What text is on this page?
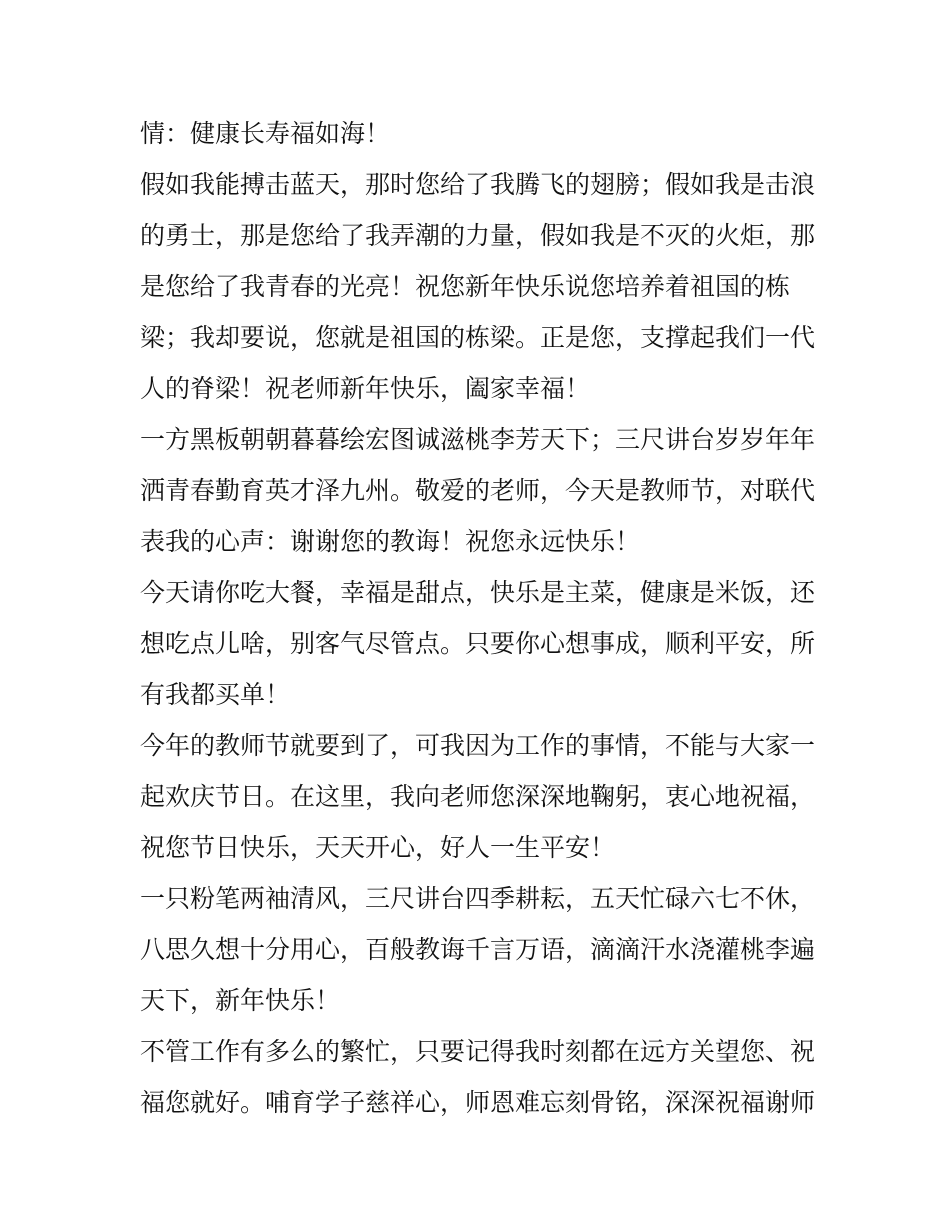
情：健康长寿福如海！
假如我能搏击蓝天，那时您给了我腾飞的翅膀；假如我是击浪
的勇士，那是您给了我弄潮的力量，假如我是不灭的火炬，那
是您给了我青春的光亮！祝您新年快乐说您培养着祖国的栋
梁；我却要说，您就是祖国的栋梁。正是您，支撑起我们一代
人的脊梁！祝老师新年快乐，阖家幸福！
一方黑板朝朝暮暮绘宏图诚滋桃李芳天下；三尺讲台岁岁年年
洒青春勤育英才泽九州。敬爱的老师，今天是教师节，对联代
表我的心声：谢谢您的教诲！祝您永远快乐！
今天请你吃大餐，幸福是甜点，快乐是主菜，健康是米饭，还
想吃点儿啥，别客气尽管点。只要你心想事成，顺利平安，所
有我都买单！
今年的教师节就要到了，可我因为工作的事情，不能与大家一
起欢庆节日。在这里，我向老师您深深地鞠躬，衷心地祝福，
祝您节日快乐，天天开心，好人一生平安！
一只粉笔两袖清风，三尺讲台四季耕耘，五天忙碌六七不休，
八思久想十分用心，百般教诲千言万语，滴滴汗水浇灌桃李遍
天下，新年快乐！
不管工作有多么的繁忙，只要记得我时刻都在远方关望您、祝
福您就好。哺育学子慈祥心，师恩难忘刻骨铭，深深祝福谢师
